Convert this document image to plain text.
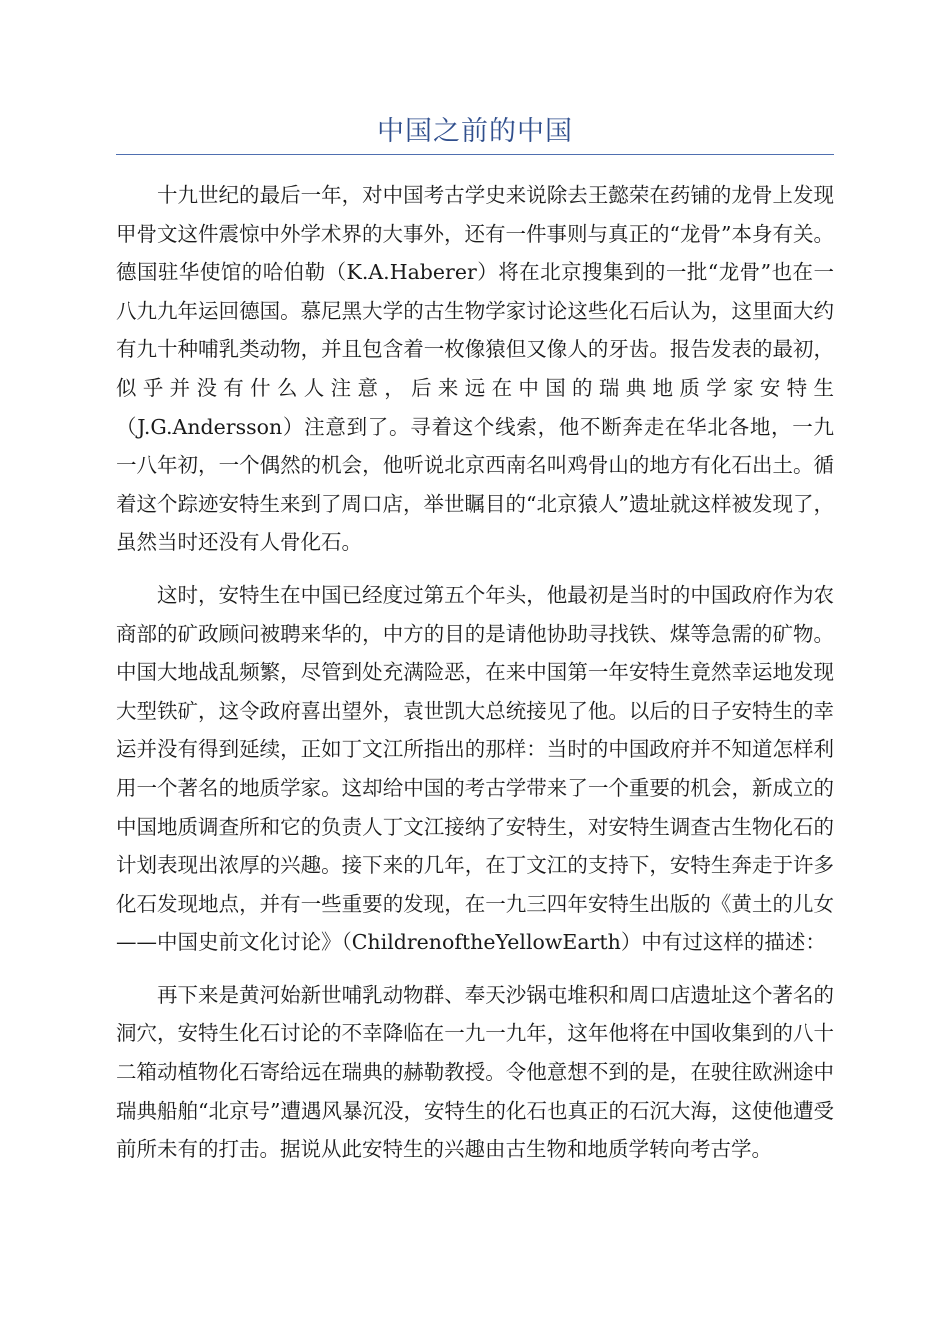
中国之前的中国

十九世纪的最后一年，对中国考古学史来说除去王懿荣在药铺的龙骨上发现甲骨文这件震惊中外学术界的大事外，还有一件事则与真正的“龙骨”本身有关。德国驻华使馆的哈伯勒（K.A.Haberer）将在北京搜集到的一批“龙骨”也在一八九九年运回德国。慕尼黑大学的古生物学家讨论这些化石后认为，这里面大约有九十种哺乳类动物，并且包含着一枚像猿但又像人的牙齿。报告发表的最初，似乎并没有什么人注意，后来远在中国的瑞典地质学家安特生（J.G.Andersson）注意到了。寻着这个线索，他不断奔走在华北各地，一九一八年初，一个偶然的机会，他听说北京西南名叫鸡骨山的地方有化石出土。循着这个踪迹安特生来到了周口店，举世瞩目的“北京猿人”遗址就这样被发现了，虽然当时还没有人骨化石。

这时，安特生在中国已经度过第五个年头，他最初是当时的中国政府作为农商部的矿政顾问被聘来华的，中方的目的是请他协助寻找铁、煤等急需的矿物。中国大地战乱频繁，尽管到处充满险恶，在来中国第一年安特生竟然幸运地发现大型铁矿，这令政府喜出望外，袁世凯大总统接见了他。以后的日子安特生的幸运并没有得到延续，正如丁文江所指出的那样：当时的中国政府并不知道怎样利用一个著名的地质学家。这却给中国的考古学带来了一个重要的机会，新成立的中国地质调查所和它的负责人丁文江接纳了安特生，对安特生调查古生物化石的计划表现出浓厚的兴趣。接下来的几年，在丁文江的支持下，安特生奔走于许多化石发现地点，并有一些重要的发现，在一九三四年安特生出版的《黄土的儿女——中国史前文化讨论》（ChildrenoftheYellowEarth）中有过这样的描述：

再下来是黄河始新世哺乳动物群、奉天沙锅屯堆积和周口店遗址这个著名的洞穴，安特生化石讨论的不幸降临在一九一九年，这年他将在中国收集到的八十二箱动植物化石寄给远在瑞典的赫勒教授。令他意想不到的是，在驶往欧洲途中瑞典船舶“北京号”遭遇风暴沉没，安特生的化石也真正的石沉大海，这使他遭受前所未有的打击。据说从此安特生的兴趣由古生物和地质学转向考古学。
